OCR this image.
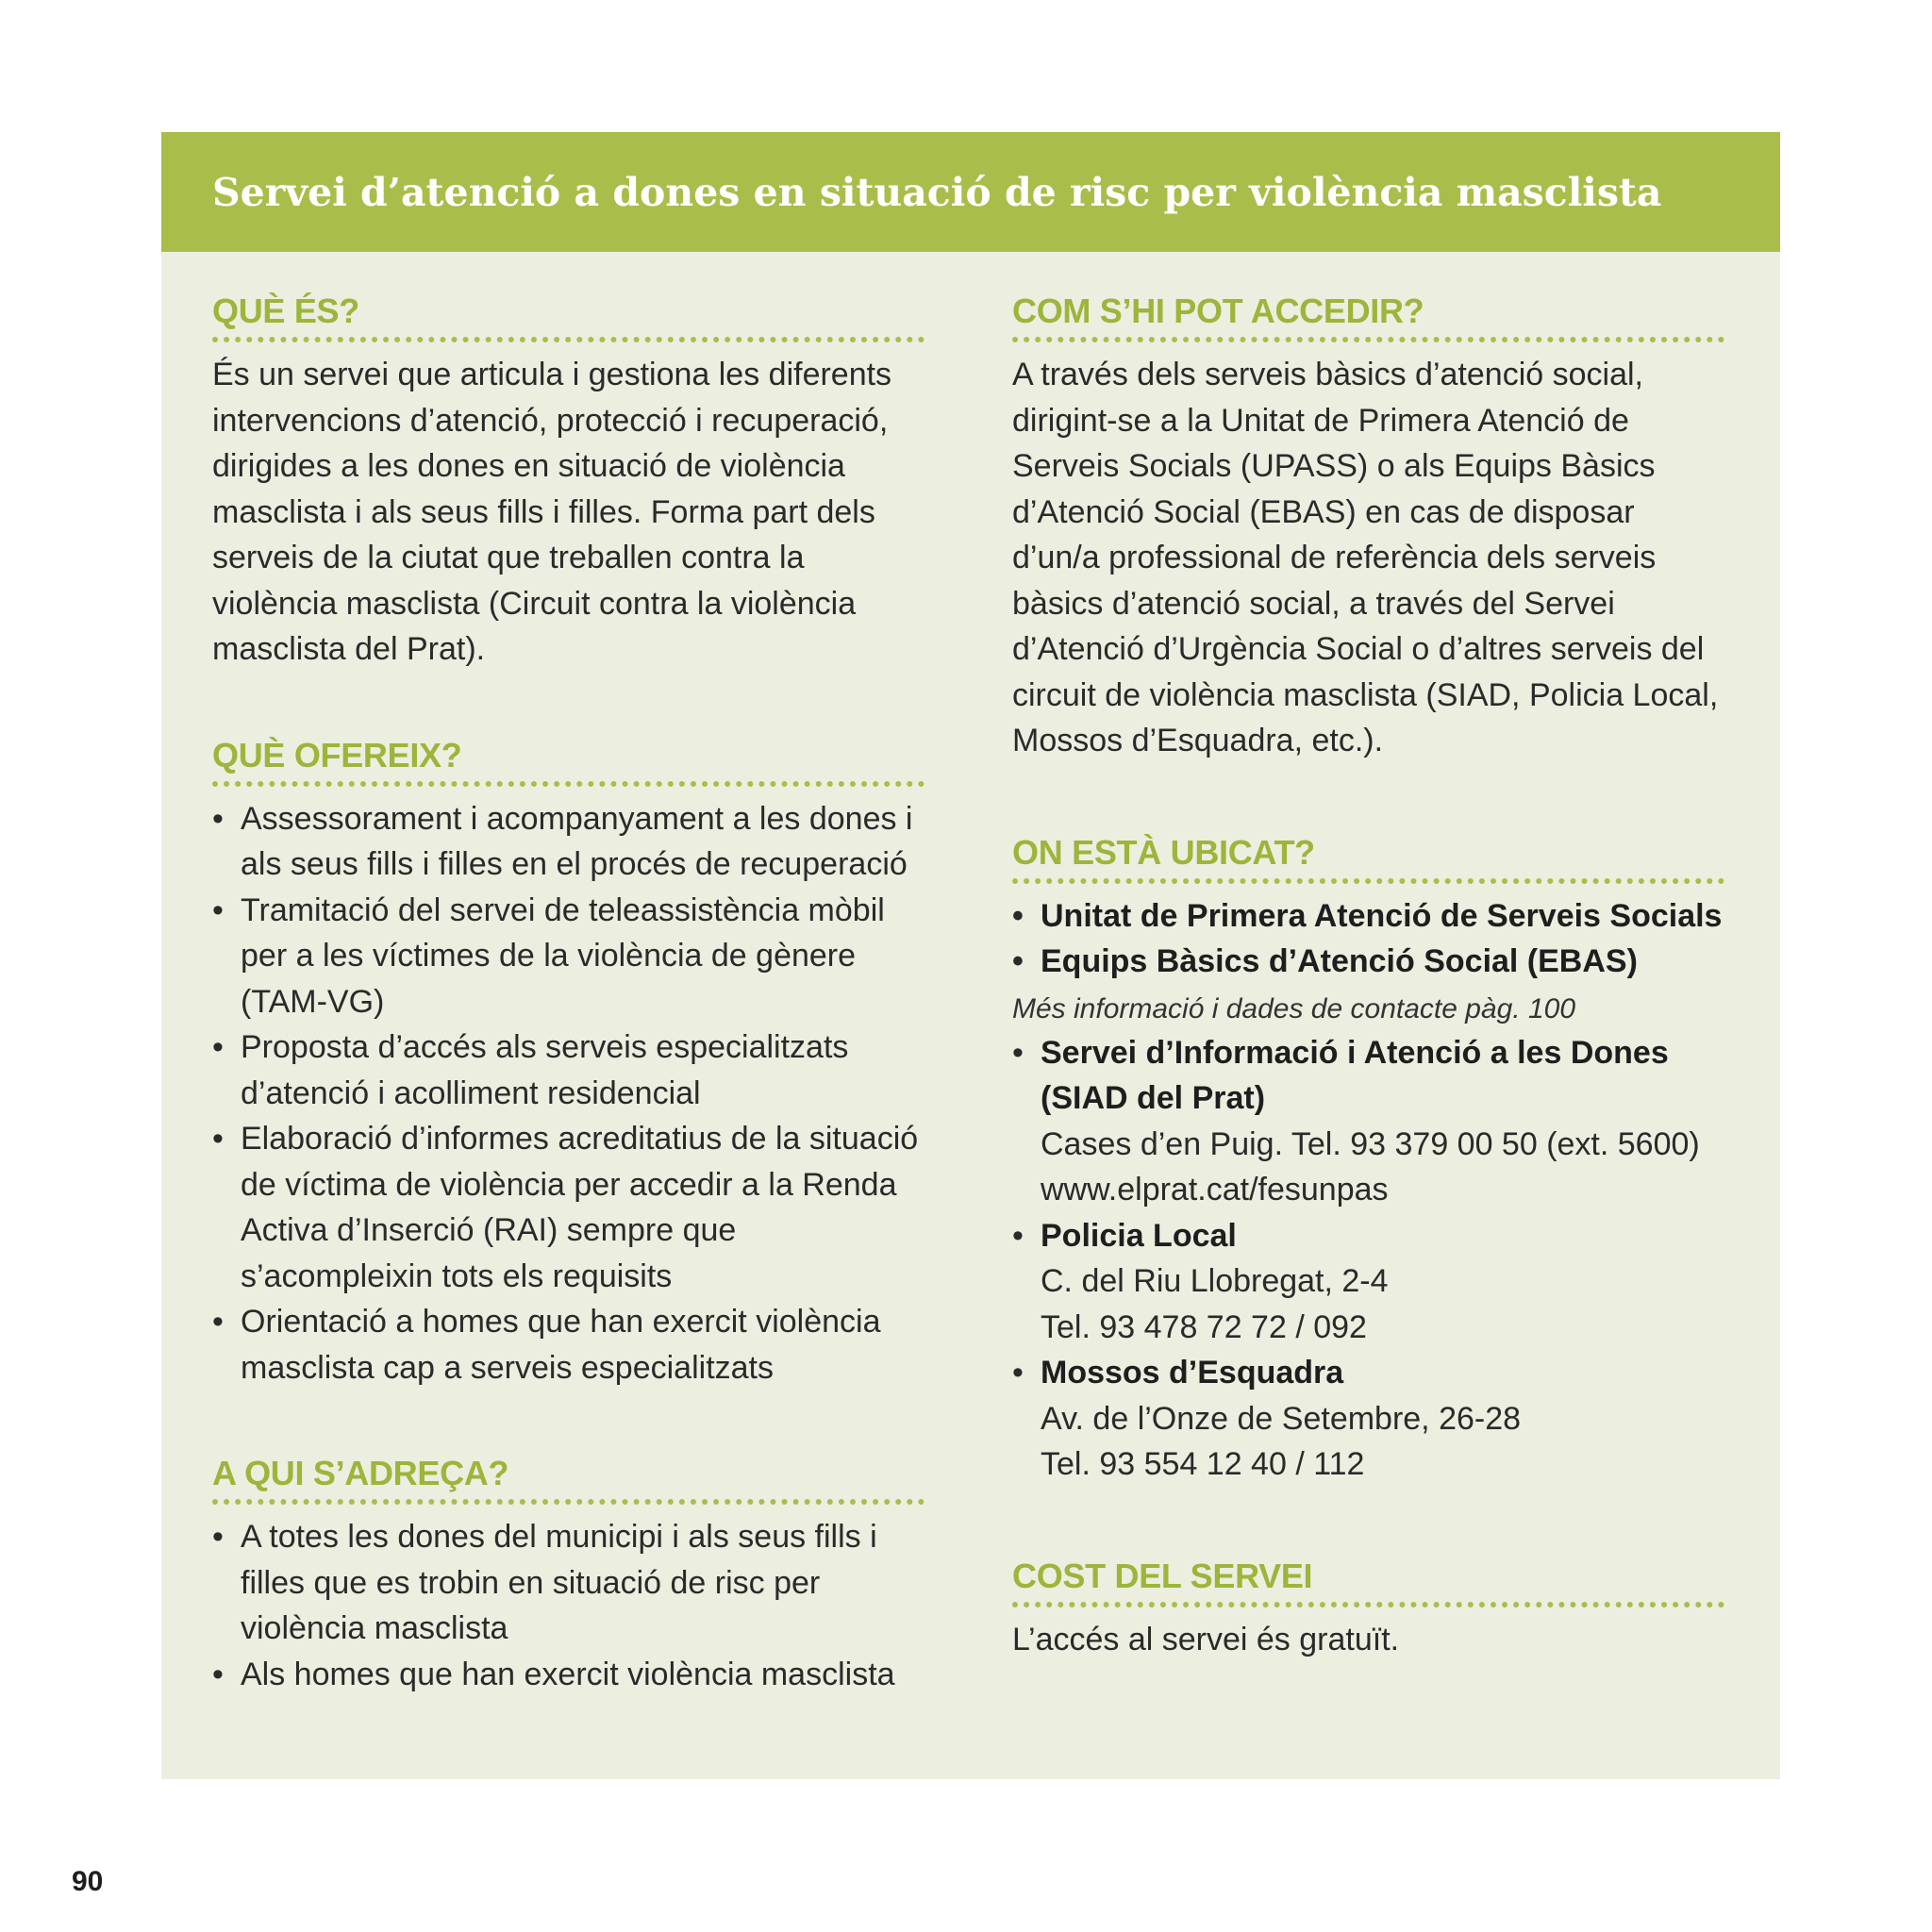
Servei d’atenció a dones en situació de risc per violència masclista
QUÈ ÉS?

És un servei que articula i gestiona les diferents intervencions d’atenció, protecció i recuperació, dirigides a les dones en situació de violència masclista i als seus fills i filles. Forma part dels serveis de la ciutat que treballen contra la violència masclista (Circuit contra la violència masclista del Prat).

QUÈ OFEREIX?
• Assessorament i acompanyament a les dones i als seus fills i filles en el procés de recuperació
• Tramitació del servei de teleassistència mòbil per a les víctimes de la violència de gènere (TAM-VG)
• Proposta d’accés als serveis especialitzats d’atenció i acolliment residencial
• Elaboració d’informes acreditatius de la situació de víctima de violència per accedir a la Renda Activa d’Inserció (RAI) sempre que s’acompleixin tots els requisits
• Orientació a homes que han exercit violència masclista cap a serveis especialitzats
A QUI S’ADREÇA?
• A totes les dones del municipi i als seus fills i filles que es trobin en situació de risc per violència masclista
• Als homes que han exercit violència masclista
COM S’HI POT ACCEDIR?

A través dels serveis bàsics d’atenció social, dirigint-se a la Unitat de Primera Atenció de Serveis Socials (UPASS) o als Equips Bàsics d’Atenció Social (EBAS) en cas de disposar d’un/a professional de referència dels serveis bàsics d’atenció social, a través del Servei d’Atenció d’Urgència Social o d’altres serveis del circuit de violència masclista (SIAD, Policia Local, Mossos d’Esquadra, etc.).

ON ESTÀ UBICAT?
• Unitat de Primera Atenció de Serveis Socials
• Equips Bàsics d’Atenció Social (EBAS)

Més informació i dades de contacte pàg. 100

• Servei d’Informació i Atenció a les Dones (SIAD del Prat)
Cases d’en Puig. Tel. 93 379 00 50 (ext. 5600)
www.elprat.cat/fesunpas
• Policia Local
C. del Riu Llobregat, 2-4
Tel. 93 478 72 72 / 092
• Mossos d’Esquadra
Av. de l’Onze de Setembre, 26-28
Tel. 93 554 12 40 / 112
COST DEL SERVEI

L’accés al servei és gratuït.

90
